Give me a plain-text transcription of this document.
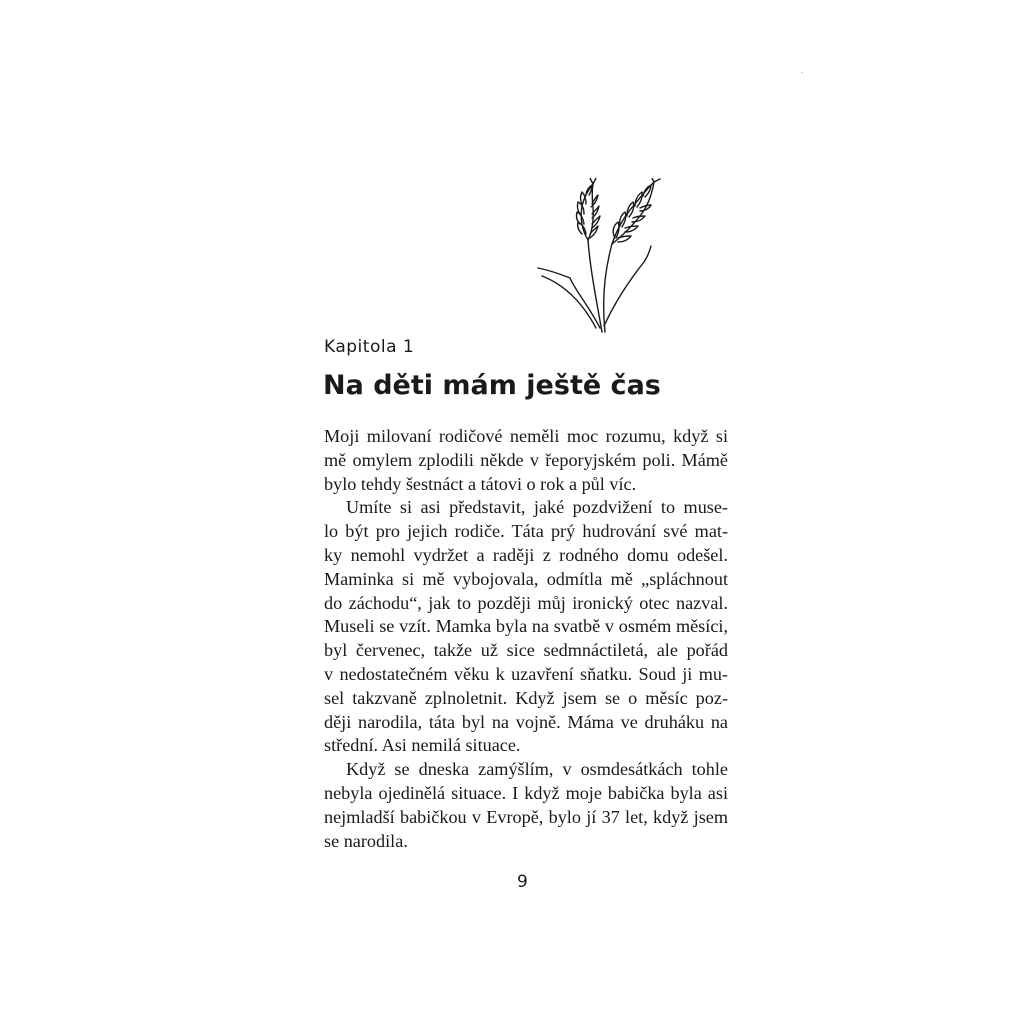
Kapitola 1
Na děti mám ještě čas

Moji milovaní rodičové neměli moc rozumu, když si
mě omylem zplodili někde v řeporyjském poli. Mámě
bylo tehdy šestnáct a tátovi o rok a půl víc.

Umíte si asi představit, jaké pozdvižení to muse-
lo být pro jejich rodiče. Táta prý hudrování své mat-
ky nemohl vydržet a raději z rodného domu odešel.
Maminka si mě vybojovala, odmítla mě „spláchnout
do záchodu“, jak to později můj ironický otec nazval.
Museli se vzít. Mamka byla na svatbě v osmém měsíci,
byl červenec, takže už sice sedmnáctiletá, ale pořád
v nedostatečném věku k uzavření sňatku. Soud ji mu-
sel takzvaně zplnoletnit. Když jsem se o měsíc poz-
ději narodila, táta byl na vojně. Máma ve druháku na
střední. Asi nemilá situace.

Když se dneska zamýšlím, v osmdesátkách tohle
nebyla ojedinělá situace. I když moje babička byla asi
nejmladší babičkou v Evropě, bylo jí 37 let, když jsem
se narodila.

9
